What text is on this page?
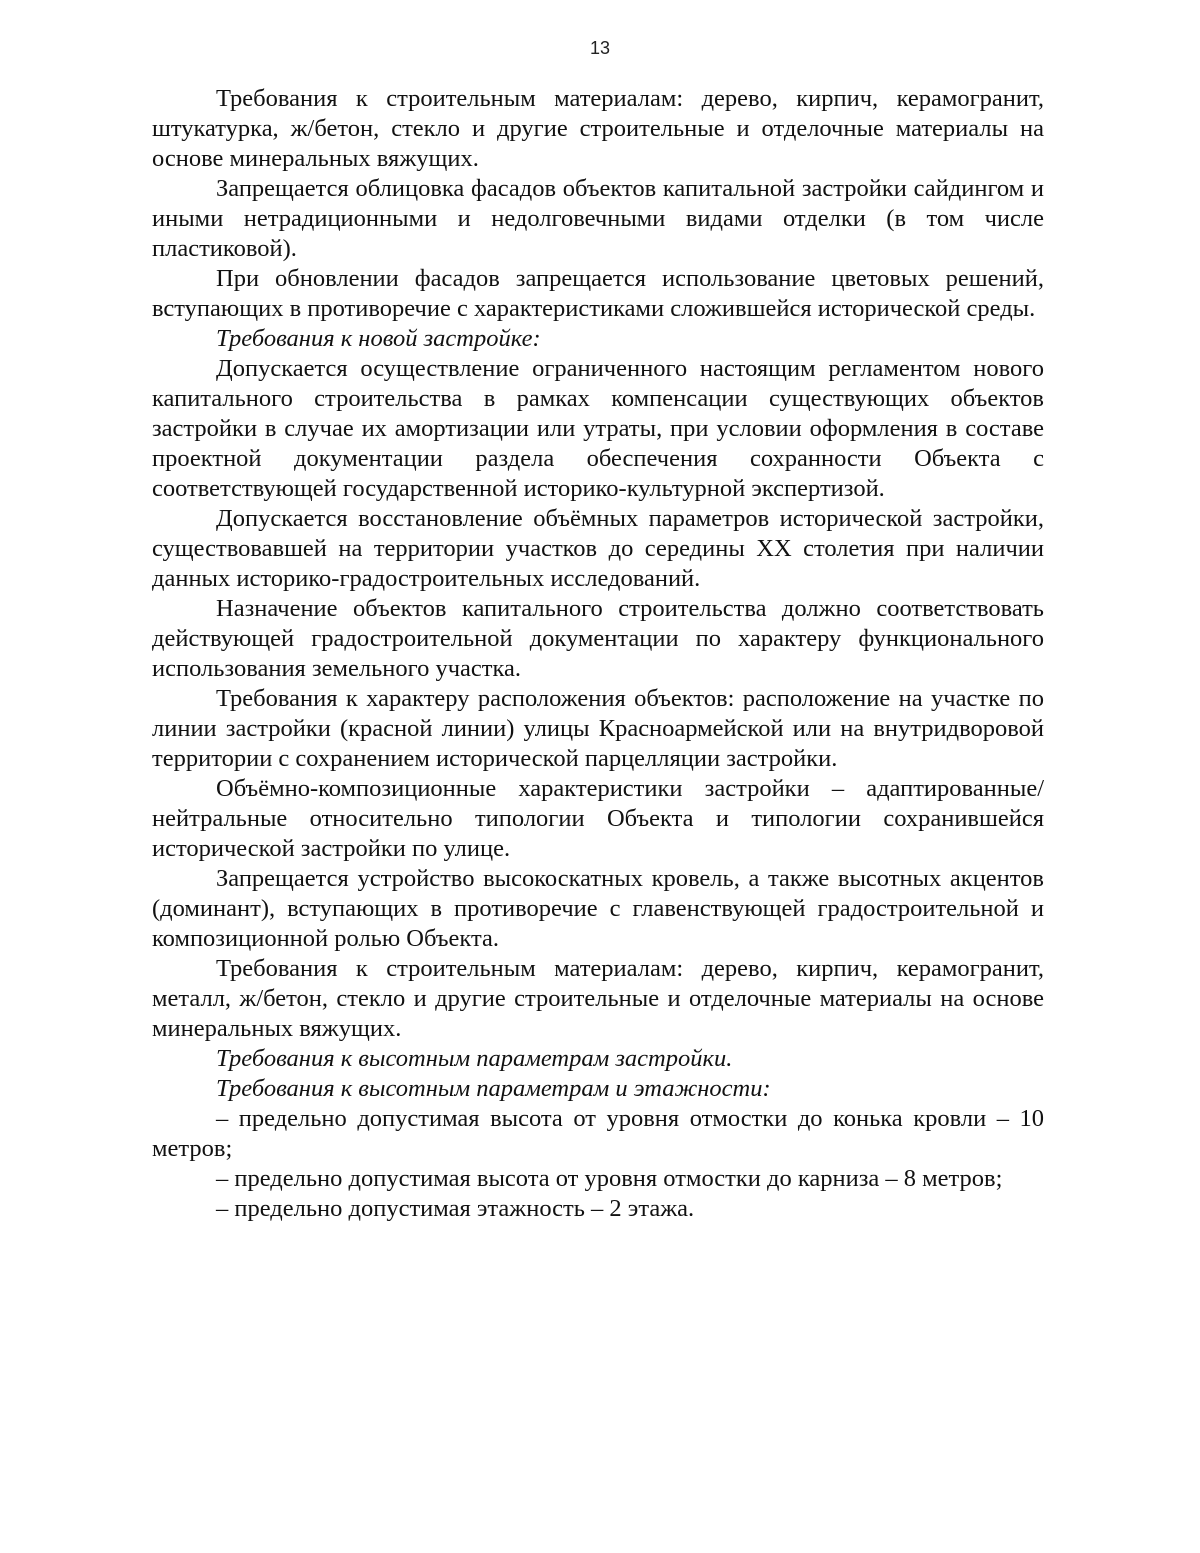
13

Требования к строительным материалам: дерево, кирпич, керамогранит, штукатурка, ж/бетон, стекло и другие строительные и отделочные материалы на основе минеральных вяжущих.

Запрещается облицовка фасадов объектов капитальной застройки сайдингом и иными нетрадиционными и недолговечными видами отделки (в том числе пластиковой).

При обновлении фасадов запрещается использование цветовых решений, вступающих в противоречие с характеристиками сложившейся исторической среды.

Требования к новой застройке:

Допускается осуществление ограниченного настоящим регламентом нового капитального строительства в рамках компенсации существующих объектов застройки в случае их амортизации или утраты, при условии оформления в составе проектной документации раздела обеспечения сохранности Объекта с соответствующей государственной историко-культурной экспертизой.

Допускается восстановление объёмных параметров исторической застройки, существовавшей на территории участков до середины XX столетия при наличии данных историко-градостроительных исследований.

Назначение объектов капитального строительства должно соответствовать действующей градостроительной документации по характеру функционального использования земельного участка.

Требования к характеру расположения объектов: расположение на участке по линии застройки (красной линии) улицы Красноармейской или на внутридворовой территории с сохранением исторической парцелляции застройки.

Объёмно-композиционные характеристики застройки – адаптированные/ нейтральные относительно типологии Объекта и типологии сохранившейся исторической застройки по улице.

Запрещается устройство высокоскатных кровель, а также высотных акцентов (доминант), вступающих в противоречие с главенствующей градостроительной и композиционной ролью Объекта.

Требования к строительным материалам: дерево, кирпич, керамогранит, металл, ж/бетон, стекло и другие строительные и отделочные материалы на основе минеральных вяжущих.

Требования к высотным параметрам застройки.

Требования к высотным параметрам и этажности:

– предельно допустимая высота от уровня отмостки до конька кровли – 10 метров;

– предельно допустимая высота от уровня отмостки до карниза – 8 метров;

– предельно допустимая этажность – 2 этажа.
